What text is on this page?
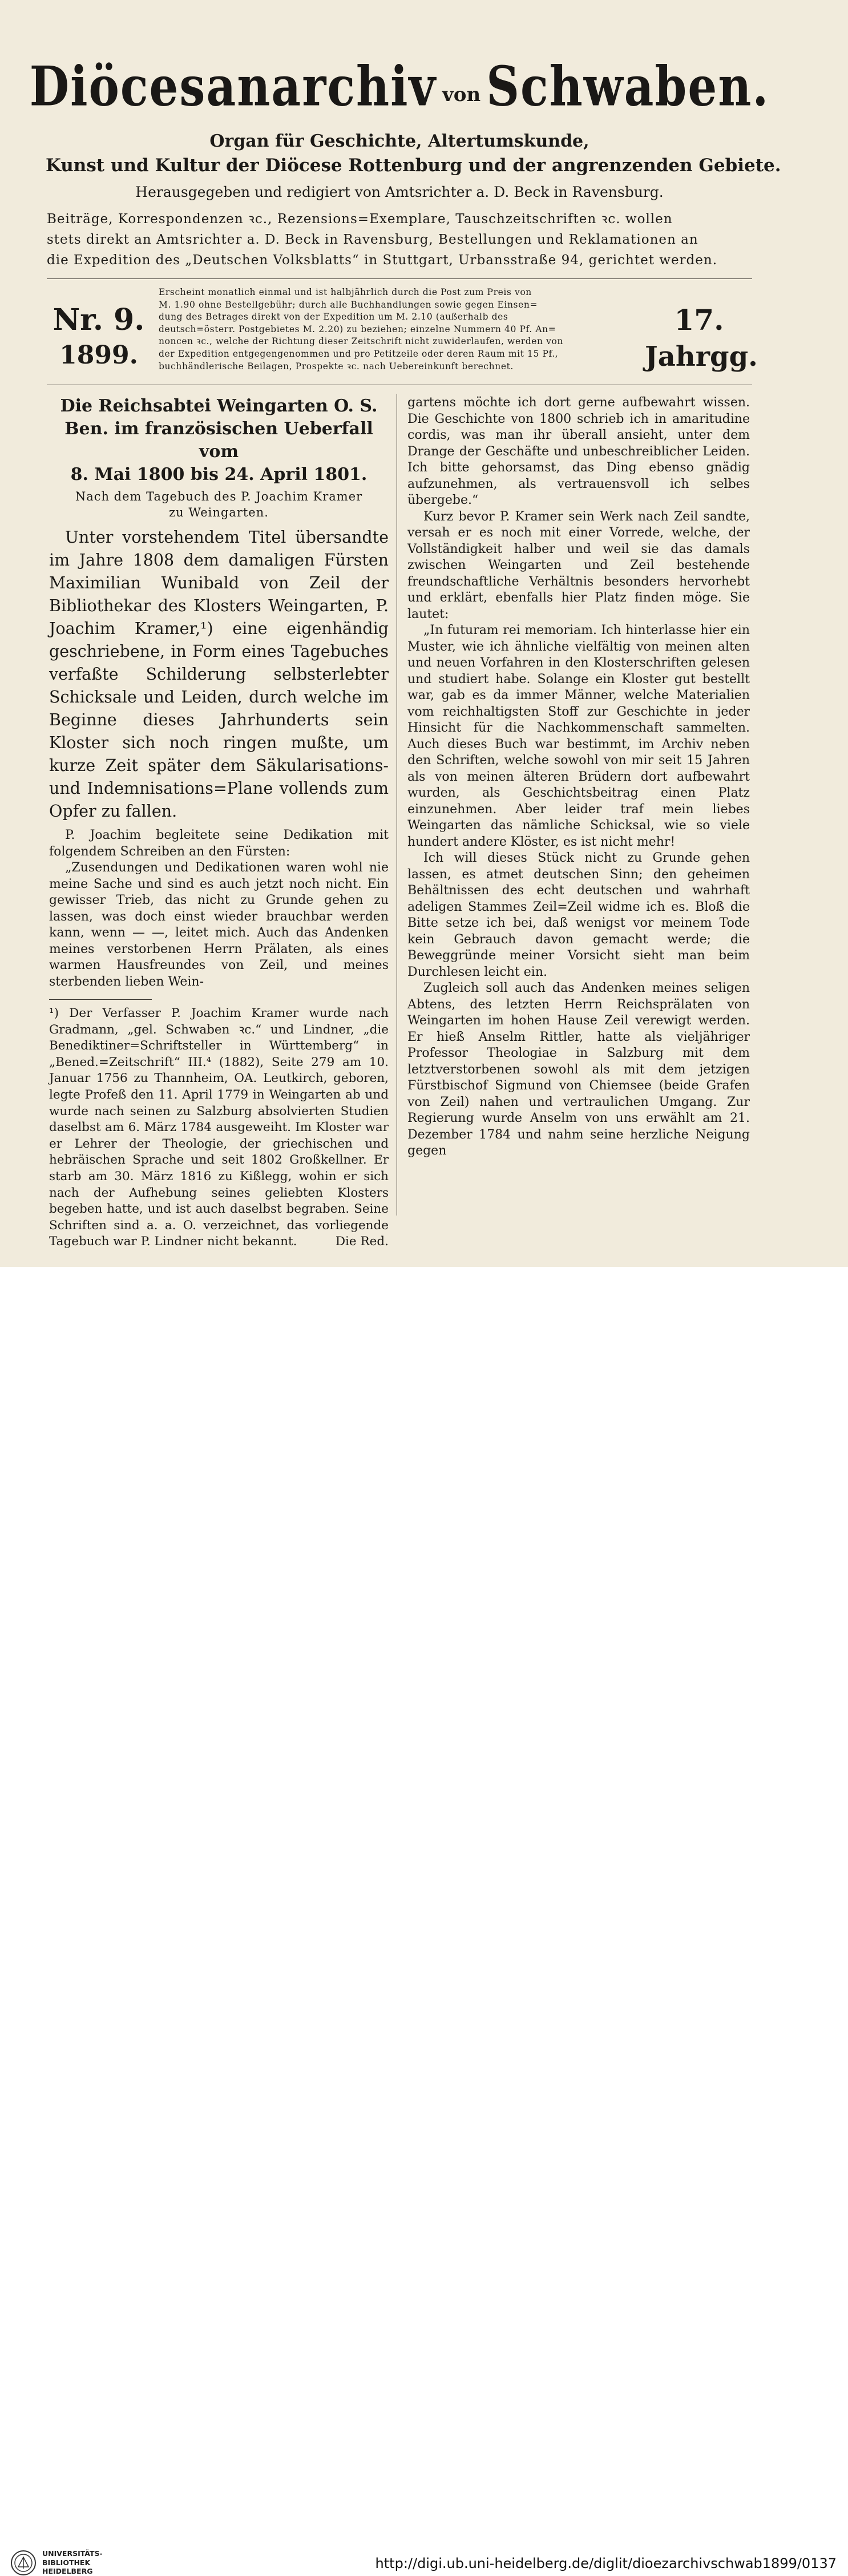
Diöcesanarchiv von Schwaben.
Organ für Geschichte, Altertumskunde,
Kunst und Kultur der Diöcese Rottenburg und der angrenzenden Gebiete.
Herausgegeben und redigiert von Amtsrichter a. D. Beck in Ravensburg.
Beiträge, Korrespondenzen ꝛc., Rezensions=Exemplare, Tauschzeitschriften ꝛc. wollen
stets direkt an Amtsrichter a. D. Beck in Ravensburg, Bestellungen und Reklamationen an
die Expedition des „Deutschen Volksblatts“ in Stuttgart, Urbansstraße 94, gerichtet werden.
Nr. 9.
1899.
Erscheint monatlich einmal und ist halbjährlich durch die Post zum Preis von
M. 1.90 ohne Bestellgebühr; durch alle Buchhandlungen sowie gegen Einsen=
dung des Betrages direkt von der Expedition um M. 2.10 (außerhalb des
deutsch=österr. Postgebietes M. 2.20) zu beziehen; einzelne Nummern 40 Pf. An=
noncen ꝛc., welche der Richtung dieser Zeitschrift nicht zuwiderlaufen, werden von
der Expedition entgegengenommen und pro Petitzeile oder deren Raum mit 15 Pf.,
buchhändlerische Beilagen, Prospekte ꝛc. nach Uebereinkunft berechnet.
17.
Jahrgg.
Die Reichsabtei Weingarten O. S.
Ben. im französischen Ueberfall vom
8. Mai 1800 bis 24. April 1801.
Nach dem Tagebuch des P. Joachim Kramer
zu Weingarten.

Unter vorstehendem Titel übersandte im Jahre 1808 dem damaligen Fürsten Maximilian Wunibald von Zeil der Bibliothekar des Klosters Weingarten, P. Joachim Kramer,¹) eine eigenhändig geschriebene, in Form eines Tagebuches verfaßte Schilderung selbsterlebter Schicksale und Leiden, durch welche im Beginne dieses Jahrhunderts sein Kloster sich noch ringen mußte, um kurze Zeit später dem Säkularisations- und Indemnisations=Plane vollends zum Opfer zu fallen.

P. Joachim begleitete seine Dedikation mit folgendem Schreiben an den Fürsten:

„Zusendungen und Dedikationen waren wohl nie meine Sache und sind es auch jetzt noch nicht. Ein gewisser Trieb, das nicht zu Grunde gehen zu lassen, was doch einst wieder brauchbar werden kann, wenn — —, leitet mich. Auch das Andenken meines verstorbenen Herrn Prälaten, als eines warmen Hausfreundes von Zeil, und meines sterbenden lieben Wein-

¹) Der Verfasser P. Joachim Kramer wurde nach Gradmann, „gel. Schwaben ꝛc.“ und Lindner, „die Benediktiner=Schriftsteller in Württemberg“ in „Bened.=Zeitschrift“ III.⁴ (1882), Seite 279 am 10. Januar 1756 zu Thannheim, OA. Leutkirch, geboren, legte Profeß den 11. April 1779 in Weingarten ab und wurde nach seinen zu Salzburg absolvierten Studien daselbst am 6. März 1784 ausgeweiht. Im Kloster war er Lehrer der Theologie, der griechischen und hebräischen Sprache und seit 1802 Großkellner. Er starb am 30. März 1816 zu Kißlegg, wohin er sich nach der Aufhebung seines geliebten Klosters begeben hatte, und ist auch daselbst begraben. Seine Schriften sind a. a. O. verzeichnet, das vorliegende Tagebuch war P. Lindner nicht bekannt.	Die Red.

gartens möchte ich dort gerne aufbewahrt wissen. Die Geschichte von 1800 schrieb ich in amaritudine cordis, was man ihr überall ansieht, unter dem Drange der Geschäfte und unbeschreiblicher Leiden. Ich bitte gehorsamst, das Ding ebenso gnädig aufzunehmen, als vertrauensvoll ich selbes übergebe.“

Kurz bevor P. Kramer sein Werk nach Zeil sandte, versah er es noch mit einer Vorrede, welche, der Vollständigkeit halber und weil sie das damals zwischen Weingarten und Zeil bestehende freundschaftliche Verhältnis besonders hervorhebt und erklärt, ebenfalls hier Platz finden möge. Sie lautet:

„In futuram rei memoriam. Ich hinterlasse hier ein Muster, wie ich ähnliche vielfältig von meinen alten und neuen Vorfahren in den Klosterschriften gelesen und studiert habe. Solange ein Kloster gut bestellt war, gab es da immer Männer, welche Materialien vom reichhaltigsten Stoff zur Geschichte in jeder Hinsicht für die Nachkommenschaft sammelten. Auch dieses Buch war bestimmt, im Archiv neben den Schriften, welche sowohl von mir seit 15 Jahren als von meinen älteren Brüdern dort aufbewahrt wurden, als Geschichtsbeitrag einen Platz einzunehmen. Aber leider traf mein liebes Weingarten das nämliche Schicksal, wie so viele hundert andere Klöster, es ist nicht mehr!

Ich will dieses Stück nicht zu Grunde gehen lassen, es atmet deutschen Sinn; den geheimen Behältnissen des echt deutschen und wahrhaft adeligen Stammes Zeil=Zeil widme ich es. Bloß die Bitte setze ich bei, daß wenigst vor meinem Tode kein Gebrauch davon gemacht werde; die Beweggründe meiner Vorsicht sieht man beim Durchlesen leicht ein.

Zugleich soll auch das Andenken meines seligen Abtens, des letzten Herrn Reichsprälaten von Weingarten im hohen Hause Zeil verewigt werden. Er hieß Anselm Rittler, hatte als vieljähriger Professor Theologiae in Salzburg mit dem letztverstorbenen sowohl als mit dem jetzigen Fürstbischof Sigmund von Chiemsee (beide Grafen von Zeil) nahen und vertraulichen Umgang. Zur Regierung wurde Anselm von uns erwählt am 21. Dezember 1784 und nahm seine herzliche Neigung gegen

UNIVERSITÄTS-
BIBLIOTHEK
HEIDELBERG	http://digi.ub.uni-heidelberg.de/diglit/dioezarchivschwab1899/0137
